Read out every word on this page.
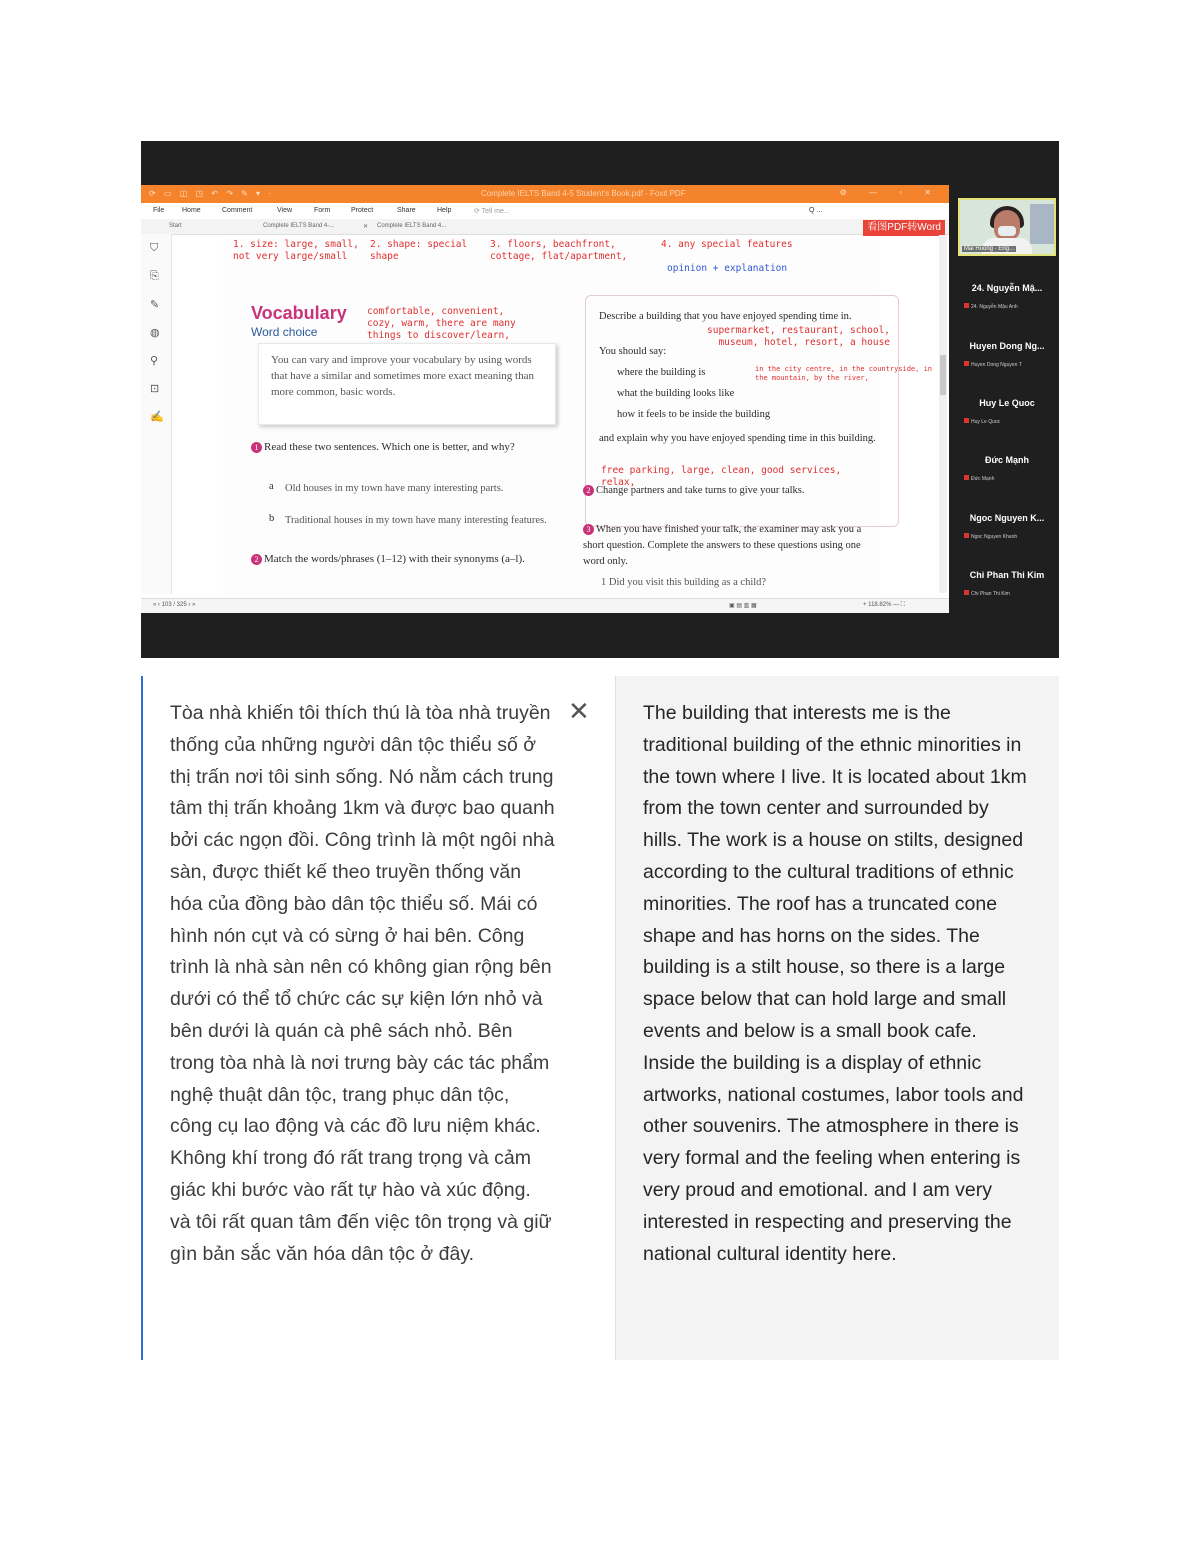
⟳ ▭ ◫ ◳ ↶ ↷ ✎ ▾ ·	Complete IELTS Band 4-5 Student's Book.pdf - Foxit PDF	⚙ — ▫ ✕
File	Home	Comment	View	Form	Protect	Share	Help	⟳ Tell me...	Q ...
Start	Complete IELTS Band 4-...	✕ Complete IELTS Band 4...	看图PDF转Word
⛉
⎘
✎
◍
⚲
⊡
✍
1. size: large, small,
not very large/small
2. shape: special
shape
3. floors, beachfront,
cottage, flat/apartment,
4. any special features
opinion + explanation
Vocabulary
Word choice
comfortable, convenient,
cozy, warm, there are many
things to discover/learn,
You can vary and improve your vocabulary by using words that have a similar and sometimes more exact meaning than more common, basic words.
1 Read these two sentences. Which one is better, and why?
a	Old houses in my town have many interesting parts.
b	Traditional houses in my town have many interesting features.
2 Match the words/phrases (1–12) with their synonyms (a–l).
Describe a building that you have enjoyed spending time in.
supermarket, restaurant, school,
museum, hotel, resort, a house
You should say:
where the building is	in the city centre, in the countryside, in
the mountain, by the river,
what the building looks like
how it feels to be inside the building
and explain why you have enjoyed spending time in this building.
free parking, large, clean, good services, relax,
2 Change partners and take turns to give your talks.
3 When you have finished your talk, the examiner may ask you a short question. Complete the answers to these questions using one word only.
1 Did you visit this building as a child?
« ‹ 103 / 325 › »	▣ ▤ ▥ ▦	+ 118.82% — ⛶
Mai Huong · Eng...
24. Nguyễn Mậ...
24. Nguyễn Mậu Anh
Huyen Dong Ng...
Huyen Dong Nguyen T
Huy Le Quoc
Huy Le Quoc
Đức Mạnh
Đức Mạnh
Ngoc Nguyen K...
Ngoc Nguyen Khanh
Chi Phan Thi Kim
Chi Phan Thi Kim
Tòa nhà khiến tôi thích thú là tòa nhà truyền thống của những người dân tộc thiểu số ở thị trấn nơi tôi sinh sống. Nó nằm cách trung tâm thị trấn khoảng 1km và được bao quanh bởi các ngọn đồi. Công trình là một ngôi nhà sàn, được thiết kế theo truyền thống văn hóa của đồng bào dân tộc thiểu số. Mái có hình nón cụt và có sừng ở hai bên. Công trình là nhà sàn nên có không gian rộng bên dưới có thể tổ chức các sự kiện lớn nhỏ và bên dưới là quán cà phê sách nhỏ. Bên trong tòa nhà là nơi trưng bày các tác phẩm nghệ thuật dân tộc, trang phục dân tộc, công cụ lao động và các đồ lưu niệm khác. Không khí trong đó rất trang trọng và cảm giác khi bước vào rất tự hào và xúc động. và tôi rất quan tâm đến việc tôn trọng và giữ gìn bản sắc văn hóa dân tộc ở đây.
✕	The building that interests me is the traditional building of the ethnic minorities in the town where I live. It is located about 1km from the town center and surrounded by hills. The work is a house on stilts, designed according to the cultural traditions of ethnic minorities. The roof has a truncated cone shape and has horns on the sides. The building is a stilt house, so there is a large space below that can hold large and small events and below is a small book cafe. Inside the building is a display of ethnic artworks, national costumes, labor tools and other souvenirs. The atmosphere in there is very formal and the feeling when entering is very proud and emotional. and I am very interested in respecting and preserving the national cultural identity here.
